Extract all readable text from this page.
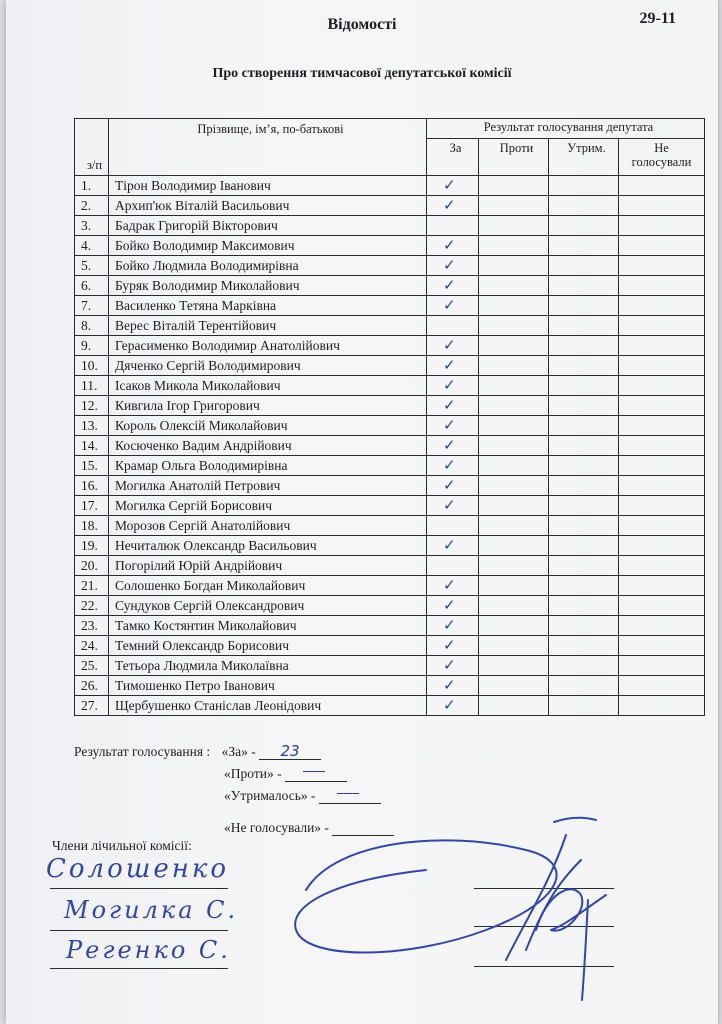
Відомості	29-11
Про створення тимчасової депутатської комісії
з/п	Прізвище, ім’я, по-батькові	Результат голосування депутата			
		За	Проти	Утрим.	Не
голосували
1.	Тірон Володимир Іванович	✓			
2.	Архип'юк Віталій Васильович	✓			
3.	Бадрак Григорій Вікторович				
4.	Бойко Володимир Максимович	✓			
5.	Бойко Людмила Володимирівна	✓			
6.	Буряк Володимир Миколайович	✓			
7.	Василенко Тетяна Марківна	✓			
8.	Верес Віталій Терентійович				
9.	Герасименко Володимир Анатолійович	✓			
10.	Дяченко Сергій Володимирович	✓			
11.	Ісаков Микола Миколайович	✓			
12.	Кивгила Ігор Григорович	✓			
13.	Король Олексій Миколайович	✓			
14.	Косюченко Вадим Андрійович	✓			
15.	Крамар Ольга Володимирівна	✓			
16.	Могилка Анатолій Петрович	✓			
17.	Могилка Сергій Борисович	✓			
18.	Морозов Сергій Анатолійович				
19.	Нечиталюк Олександр Васильович	✓			
20.	Погорілий Юрій Андрійович				
21.	Солошенко Богдан Миколайович	✓			
22.	Сундуков Сергій Олександрович	✓			
23.	Тамко Костянтин Миколайович	✓			
24.	Темний Олександр Борисович	✓			
25.	Тетьора Людмила Миколаївна	✓			
26.	Тимошенко Петро Іванович	✓			
27.	Щербушенко Станіслав Леонідович	✓			
Результат голосування : «За» - 23
«Проти» -
«Утрималось» -
«Не голосували» -
Члени лічильної комісії:
Солошенко
Могилка С.
Регенко С.
